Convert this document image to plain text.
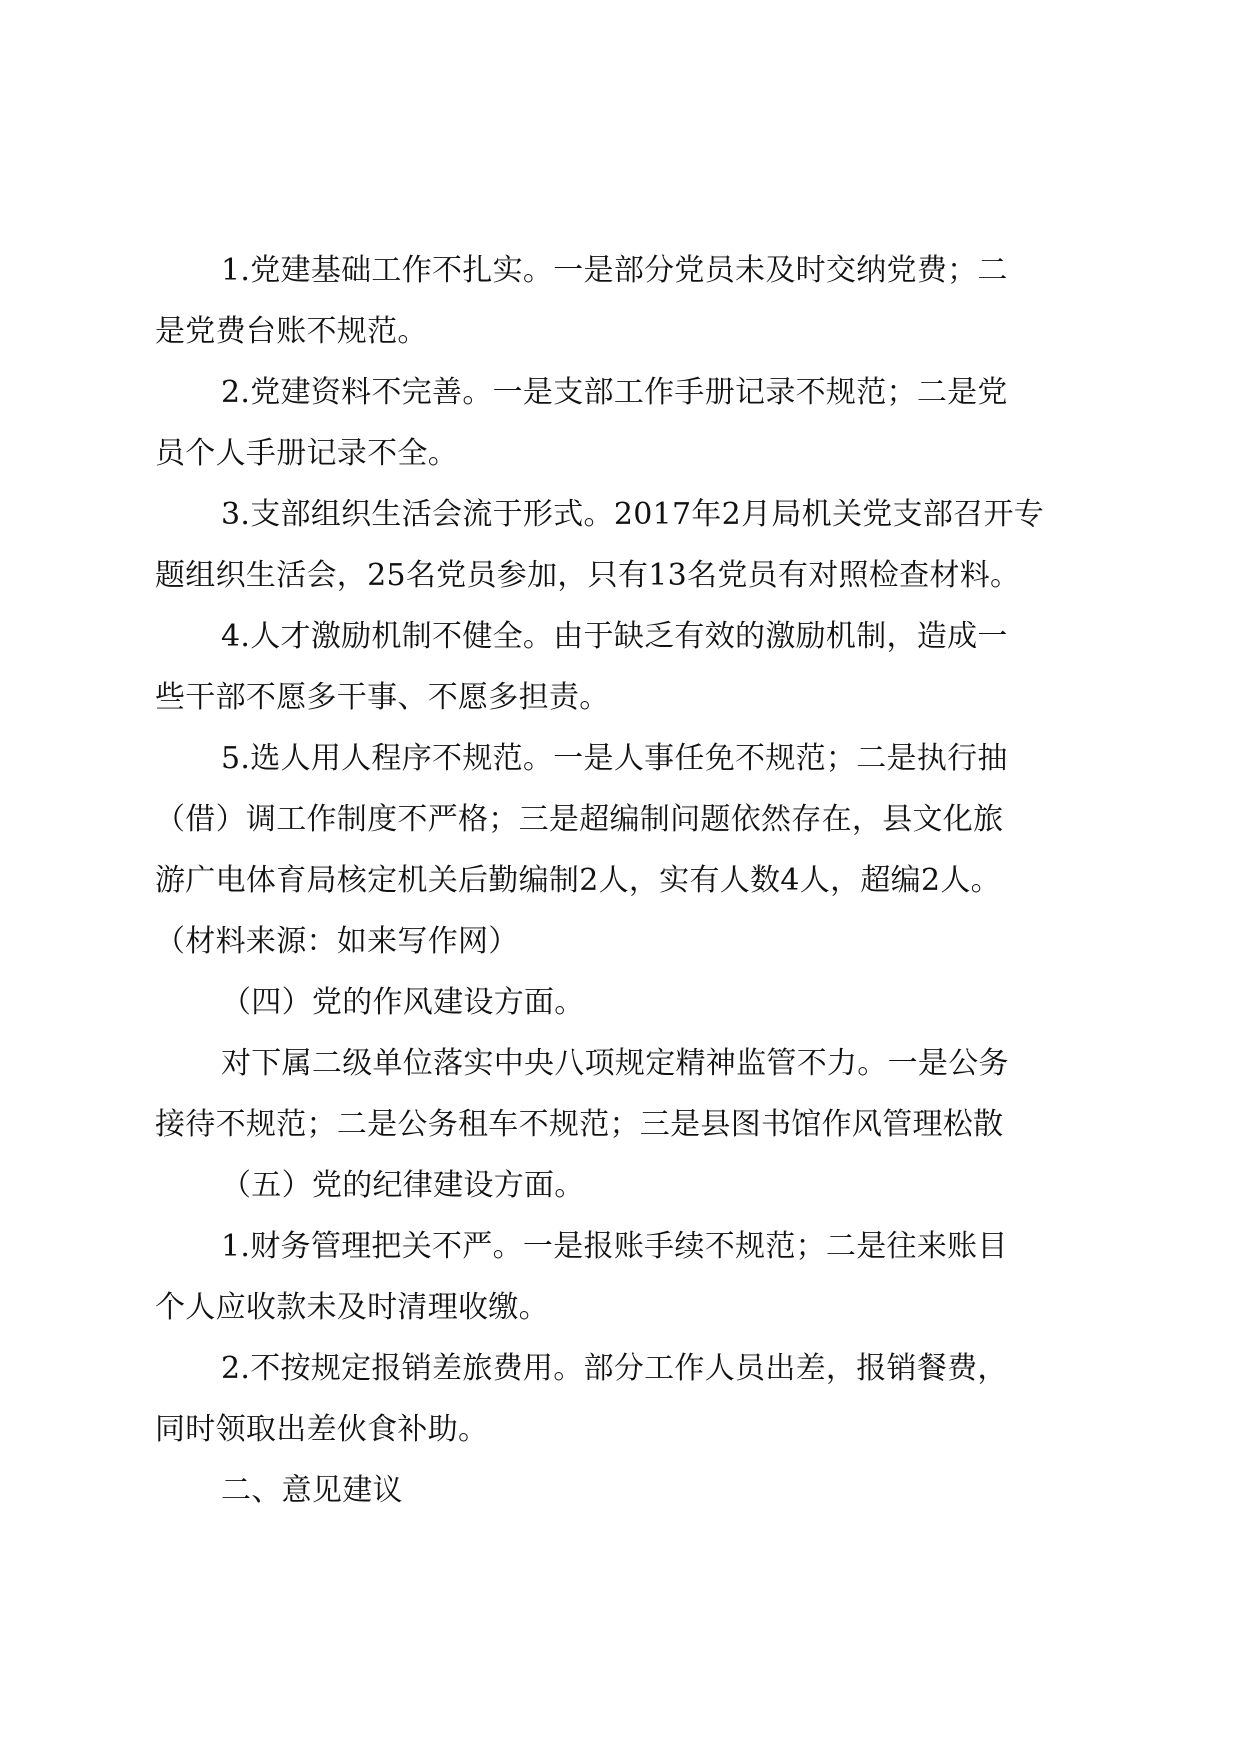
1.党建基础工作不扎实。一是部分党员未及时交纳党费；二
是党费台账不规范。
2.党建资料不完善。一是支部工作手册记录不规范；二是党
员个人手册记录不全。
3.支部组织生活会流于形式。2017年2月局机关党支部召开专
题组织生活会，25名党员参加，只有13名党员有对照检查材料。
4.人才激励机制不健全。由于缺乏有效的激励机制，造成一
些干部不愿多干事、不愿多担责。
5.选人用人程序不规范。一是人事任免不规范；二是执行抽
（借）调工作制度不严格；三是超编制问题依然存在，县文化旅
游广电体育局核定机关后勤编制2人，实有人数4人，超编2人。
（材料来源：如来写作网）
（四）党的作风建设方面。
对下属二级单位落实中央八项规定精神监管不力。一是公务
接待不规范；二是公务租车不规范；三是县图书馆作风管理松散
（五）党的纪律建设方面。
1.财务管理把关不严。一是报账手续不规范；二是往来账目
个人应收款未及时清理收缴。
2.不按规定报销差旅费用。部分工作人员出差，报销餐费，
同时领取出差伙食补助。
二、意见建议
